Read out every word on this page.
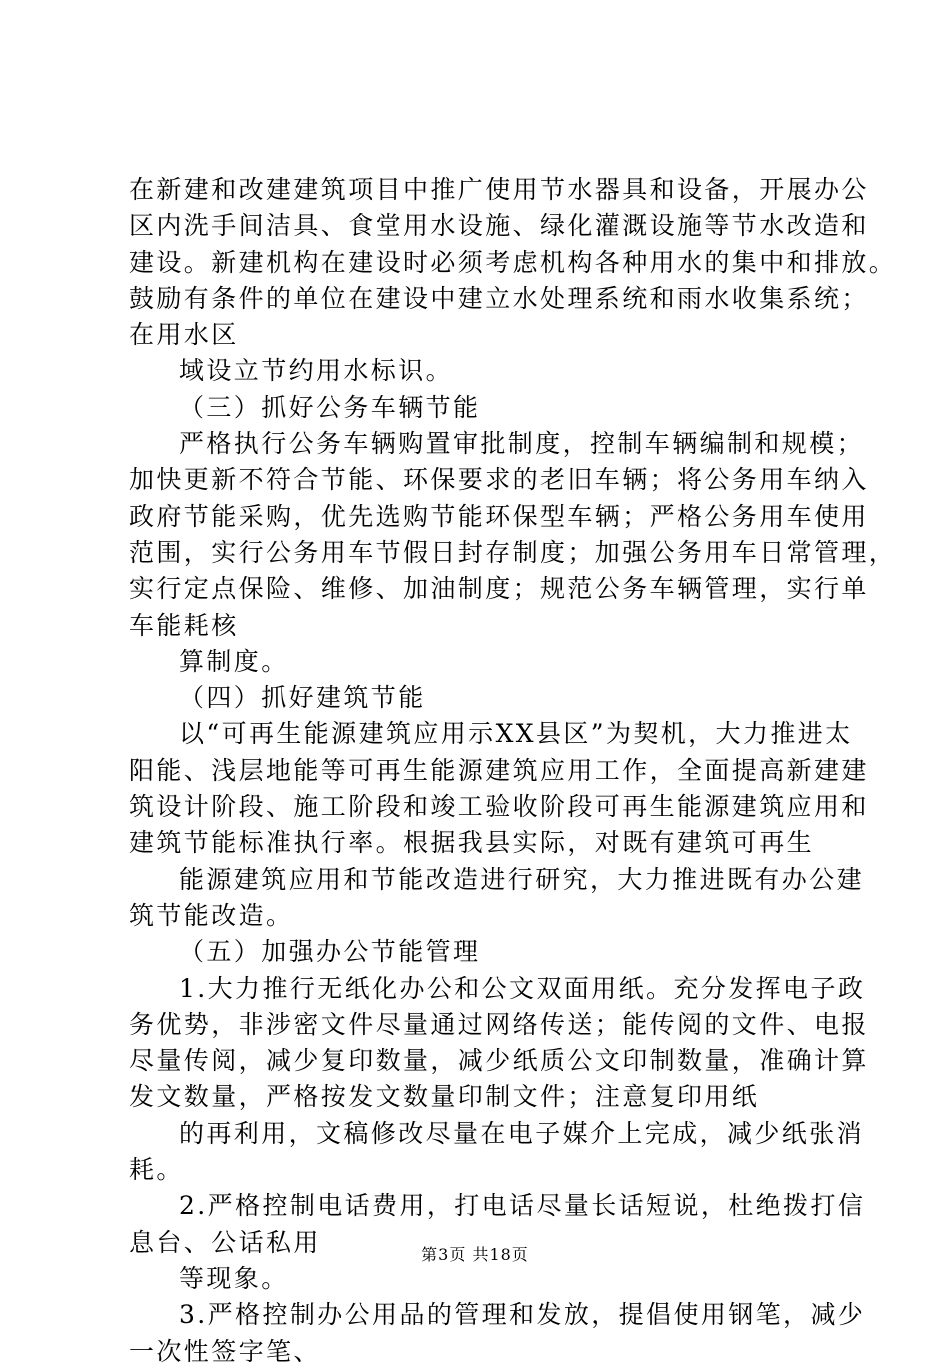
在新建和改建建筑项目中推广使用节水器具和设备，开展办公
区内洗手间洁具、食堂用水设施、绿化灌溉设施等节水改造和
建设。新建机构在建设时必须考虑机构各种用水的集中和排放。
鼓励有条件的单位在建设中建立水处理系统和雨水收集系统；
在用水区
域设立节约用水标识。
（三）抓好公务车辆节能
严格执行公务车辆购置审批制度，控制车辆编制和规模；
加快更新不符合节能、环保要求的老旧车辆；将公务用车纳入
政府节能采购，优先选购节能环保型车辆；严格公务用车使用
范围，实行公务用车节假日封存制度；加强公务用车日常管理，
实行定点保险、维修、加油制度；规范公务车辆管理，实行单
车能耗核
算制度。
（四）抓好建筑节能
以“可再生能源建筑应用示XX县区”为契机，大力推进太
阳能、浅层地能等可再生能源建筑应用工作，全面提高新建建
筑设计阶段、施工阶段和竣工验收阶段可再生能源建筑应用和
建筑节能标准执行率。根据我县实际，对既有建筑可再生
能源建筑应用和节能改造进行研究，大力推进既有办公建
筑节能改造。
（五）加强办公节能管理
1.大力推行无纸化办公和公文双面用纸。充分发挥电子政
务优势，非涉密文件尽量通过网络传送；能传阅的文件、电报
尽量传阅，减少复印数量，减少纸质公文印制数量，准确计算
发文数量，严格按发文数量印制文件；注意复印用纸
的再利用，文稿修改尽量在电子媒介上完成，减少纸张消
耗。
2.严格控制电话费用，打电话尽量长话短说，杜绝拨打信
息台、公话私用
等现象。
3.严格控制办公用品的管理和发放，提倡使用钢笔，减少
一次性签字笔、
第3页 共18页
